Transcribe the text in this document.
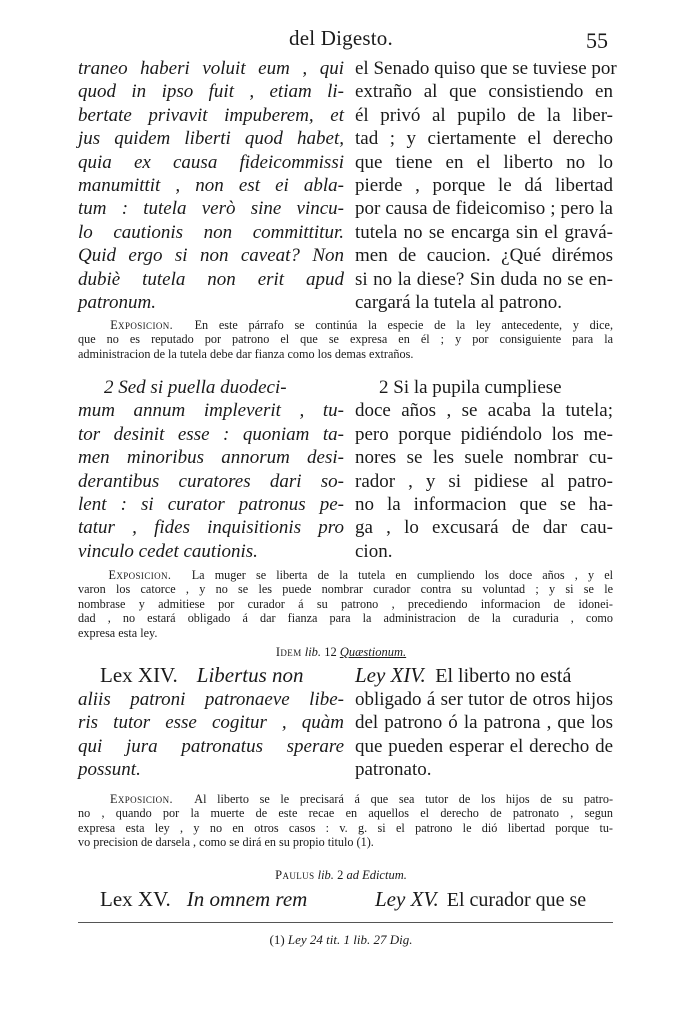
del Digesto.	55
traneo haberi voluit eum , qui
quod in ipso fuit , etiam li-
bertate privavit impuberem, et
jus quidem liberti quod habet,
quia ex causa fideicommissi
manumittit , non est ei abla-
tum : tutela verò sine vincu-
lo cautionis non committitur.
Quid ergo si non caveat? Non
dubiè tutela non erit apud
patronum.
el Senado quiso que se tuviese por
extraño al que consistiendo en
él privó al pupilo de la liber-
tad ; y ciertamente el derecho
que tiene en el liberto no lo
pierde , porque le dá libertad
por causa de fideicomiso ; pero la
tutela no se encarga sin el gravá-
men de caucion. ¿Qué dirémos
si no la diese? Sin duda no se en-
cargará la tutela al patrono.
Exposicion. En este párrafo se continúa la especie de la ley antecedente, y dice,
que no es reputado por patrono el que se expresa en él ; y por consiguiente para la
administracion de la tutela debe dar fianza como los demas extraños.
2 Sed si puella duodeci-
mum annum impleverit , tu-
tor desinit esse : quoniam ta-
men minoribus annorum desi-
derantibus curatores dari so-
lent : si curator patronus pe-
tatur , fides inquisitionis pro
vinculo cedet cautionis.
2 Si la pupila cumpliese
doce años , se acaba la tutela;
pero porque pidiéndolo los me-
nores se les suele nombrar cu-
rador , y si pidiese al patro-
no la informacion que se ha-
ga , lo excusará de dar cau-
cion.
Exposicion. La muger se liberta de la tutela en cumpliendo los doce años , y el
varon los catorce , y no se les puede nombrar curador contra su voluntad ; y si se le
nombrase y admitiese por curador á su patrono , precediendo informacion de idonei-
dad , no estará obligado á dar fianza para la administracion de la curaduria , como
expresa esta ley.
Idem lib. 12 Quæstionum.
Lex XIV. Libertus non
aliis patroni patronaeve libe-
ris tutor esse cogitur , quàm
qui jura patronatus sperare
possunt.
Ley XIV. El liberto no está
obligado á ser tutor de otros hijos
del patrono ó la patrona , que los
que pueden esperar el derecho de
patronato.
Exposicion. Al liberto se le precisará á que sea tutor de los hijos de su patro-
no , quando por la muerte de este recae en aquellos el derecho de patronato , segun
expresa esta ley , y no en otros casos : v. g. si el patrono le dió libertad porque tu-
vo precision de darsela , como se dirá en su propio titulo (1).
Paulus lib. 2 ad Edictum.
Lex XV. In omnem rem	Ley XV. El curador que se
(1) Ley 24 tit. 1 lib. 27 Dig.
